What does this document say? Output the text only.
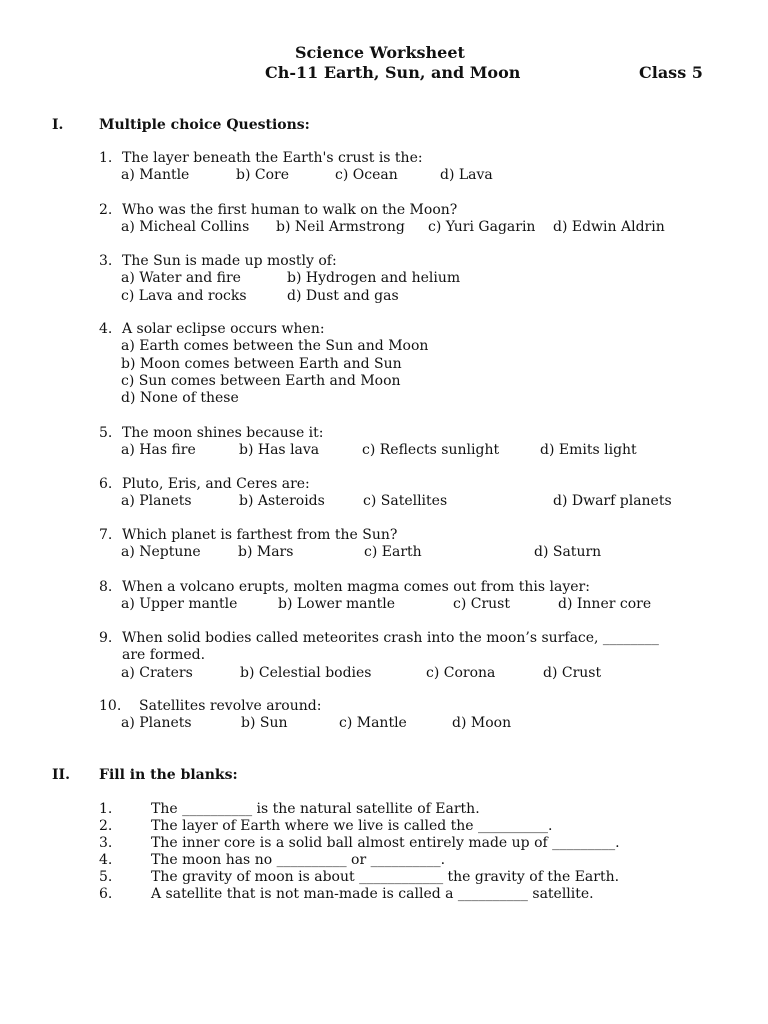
Science Worksheet
Ch-11 Earth, Sun, and Moon	Class 5
I.	Multiple choice Questions:
1. The layer beneath the Earth's crust is the:
a) Mantle	b) Core	c) Ocean	d) Lava
2. Who was the first human to walk on the Moon?
a) Micheal Collins b) Neil Armstrong c) Yuri Gagarin d) Edwin Aldrin
3. The Sun is made up mostly of:
a) Water and fire	b) Hydrogen and helium
c) Lava and rocks	d) Dust and gas
4. A solar eclipse occurs when:
a) Earth comes between the Sun and Moon
b) Moon comes between Earth and Sun
c) Sun comes between Earth and Moon
d) None of these
5. The moon shines because it:
a) Has fire	b) Has lava	c) Reflects sunlight	d) Emits light
6. Pluto, Eris, and Ceres are:
a) Planets	b) Asteroids	c) Satellites	d) Dwarf planets
7. Which planet is farthest from the Sun?
a) Neptune	b) Mars	c) Earth	d) Saturn
8. When a volcano erupts, molten magma comes out from this layer:
a) Upper mantle	b) Lower mantle	c) Crust	d) Inner core
9. When solid bodies called meteorites crash into the moon’s surface, ________
are formed.
a) Craters	b) Celestial bodies	c) Corona	d) Crust
10. Satellites revolve around:
a) Planets	b) Sun	c) Mantle	d) Moon
II. Fill in the blanks:
1.	The __________ is the natural satellite of Earth.
2.	The layer of Earth where we live is called the __________.
3.	The inner core is a solid ball almost entirely made up of _________.
4.	The moon has no __________ or __________.
5.	The gravity of moon is about ____________ the gravity of the Earth.
6.	A satellite that is not man-made is called a __________ satellite.
